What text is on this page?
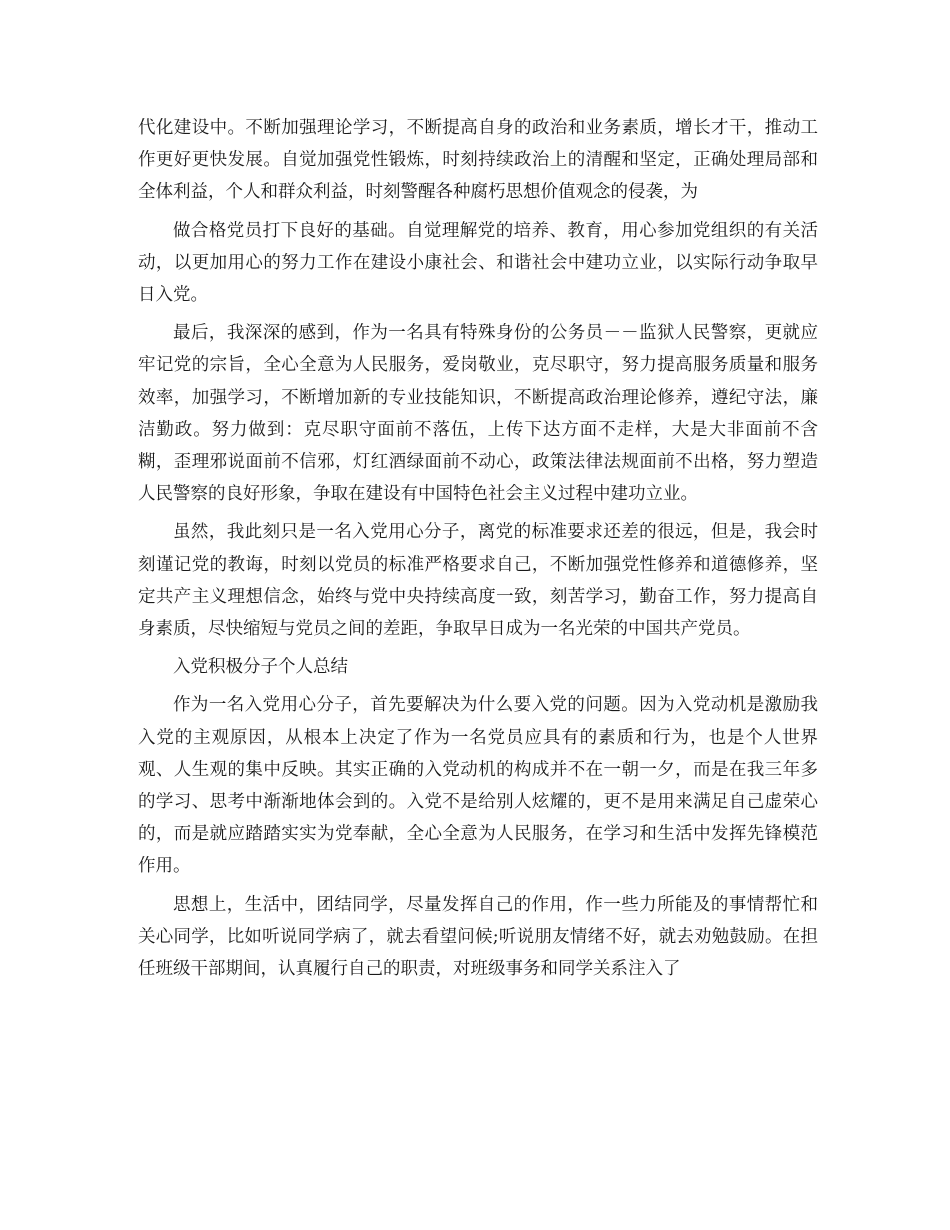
代化建设中。不断加强理论学习，不断提高自身的政治和业务素质，增长才干，推动工作更好更快发展。自觉加强党性锻炼，时刻持续政治上的清醒和坚定，正确处理局部和全体利益，个人和群众利益，时刻警醒各种腐朽思想价值观念的侵袭，为

做合格党员打下良好的基础。自觉理解党的培养、教育，用心参加党组织的有关活动，以更加用心的努力工作在建设小康社会、和谐社会中建功立业，以实际行动争取早日入党。

最后，我深深的感到，作为一名具有特殊身份的公务员－－监狱人民警察，更就应牢记党的宗旨，全心全意为人民服务，爱岗敬业，克尽职守，努力提高服务质量和服务效率，加强学习，不断增加新的专业技能知识，不断提高政治理论修养，遵纪守法，廉洁勤政。努力做到：克尽职守面前不落伍，上传下达方面不走样，大是大非面前不含糊，歪理邪说面前不信邪，灯红酒绿面前不动心，政策法律法规面前不出格，努力塑造人民警察的良好形象，争取在建设有中国特色社会主义过程中建功立业。

虽然，我此刻只是一名入党用心分子，离党的标准要求还差的很远，但是，我会时刻谨记党的教诲，时刻以党员的标准严格要求自己，不断加强党性修养和道德修养，坚定共产主义理想信念，始终与党中央持续高度一致，刻苦学习，勤奋工作，努力提高自身素质，尽快缩短与党员之间的差距，争取早日成为一名光荣的中国共产党员。

入党积极分子个人总结

作为一名入党用心分子，首先要解决为什么要入党的问题。因为入党动机是激励我入党的主观原因，从根本上决定了作为一名党员应具有的素质和行为，也是个人世界观、人生观的集中反映。其实正确的入党动机的构成并不在一朝一夕，而是在我三年多的学习、思考中渐渐地体会到的。入党不是给别人炫耀的，更不是用来满足自己虚荣心的，而是就应踏踏实实为党奉献，全心全意为人民服务，在学习和生活中发挥先锋模范作用。

思想上，生活中，团结同学，尽量发挥自己的作用，作一些力所能及的事情帮忙和关心同学，比如听说同学病了，就去看望问候;听说朋友情绪不好，就去劝勉鼓励。在担任班级干部期间，认真履行自己的职责，对班级事务和同学关系注入了
